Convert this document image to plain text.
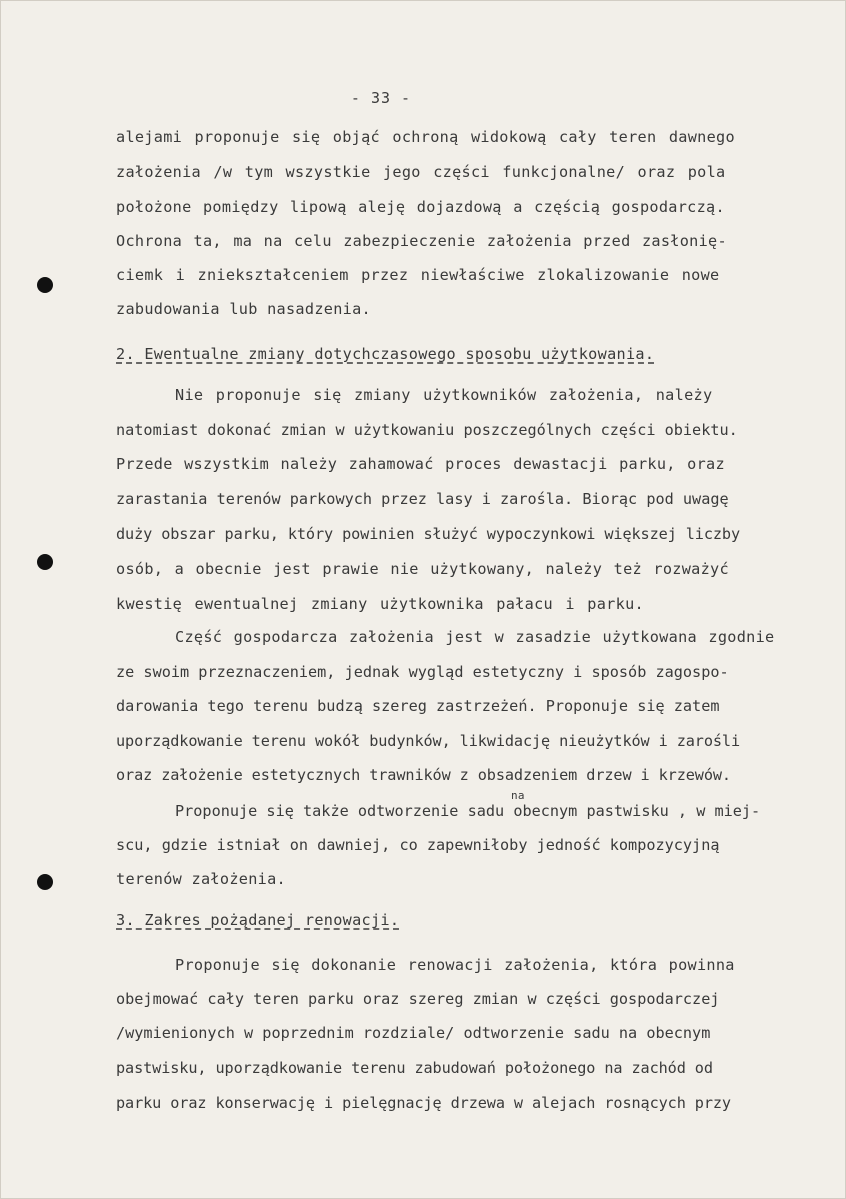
- 33 -
alejami proponuje się objąć ochroną widokową cały teren dawnego
założenia /w tym wszystkie jego części funkcjonalne/ oraz pola
położone pomiędzy lipową aleję dojazdową a częścią gospodarczą.
Ochrona ta, ma na celu zabezpieczenie założenia przed zasłonię-
ciemk i zniekształceniem przez niewłaściwe zlokalizowanie nowe
zabudowania lub nasadzenia.
2. Ewentualne zmiany dotychczasowego sposobu użytkowania.
Nie proponuje się zmiany użytkowników założenia, należy
natomiast dokonać zmian w użytkowaniu poszczególnych części obiektu.
Przede wszystkim należy zahamować proces dewastacji parku, oraz
zarastania terenów parkowych przez lasy i zarośla. Biorąc pod uwagę
duży obszar parku, który powinien służyć wypoczynkowi większej liczby
osób, a obecnie jest prawie nie użytkowany, należy też rozważyć
kwestię ewentualnej zmiany użytkownika pałacu i parku.
Część gospodarcza założenia jest w zasadzie użytkowana zgodnie
ze swoim przeznaczeniem, jednak wygląd estetyczny i sposób zagospo-
darowania tego terenu budzą szereg zastrzeżeń. Proponuje się zatem
uporządkowanie terenu wokół budynków, likwidację nieużytków i zarośli
oraz założenie estetycznych trawników z obsadzeniem drzew i krzewów.
na
Proponuje się także odtworzenie sadu obecnym pastwisku , w miej-
scu, gdzie istniał on dawniej, co zapewniłoby jedność kompozycyjną
terenów założenia.
3. Zakres pożądanej renowacji.
Proponuje się dokonanie renowacji założenia, która powinna
obejmować cały teren parku oraz szereg zmian w części gospodarczej
/wymienionych w poprzednim rozdziale/ odtworzenie sadu na obecnym
pastwisku, uporządkowanie terenu zabudowań położonego na zachód od
parku oraz konserwację i pielęgnację drzewa w alejach rosnących przy
